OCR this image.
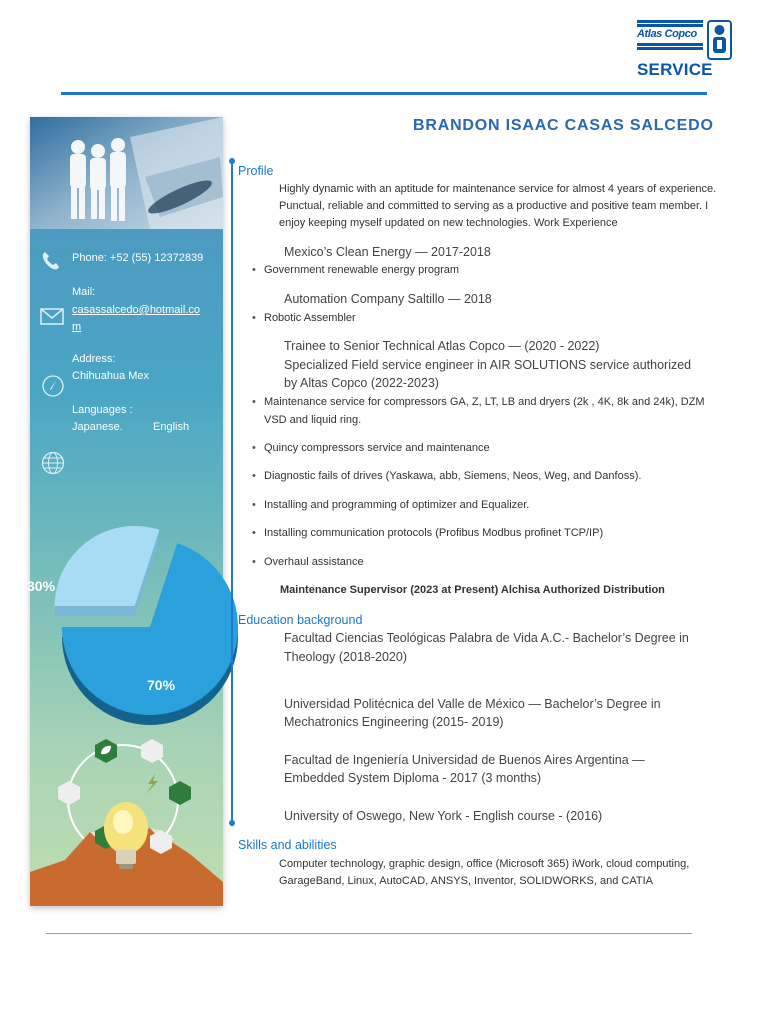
Atlas Copco
SERVICE
Phone: +52 (55) 12372839
Mail:
casassalcedo@hotmail.co
m
Address:
Chihuahua Mex
Languages :
Japanese.	English
30%
70%
BRANDON ISAAC CASAS SALCEDO
Profile
Highly dynamic with an aptitude for maintenance service for almost 4 years of experience.
Punctual, reliable and committed to serving as a productive and positive team member. I
enjoy keeping myself updated on new technologies. Work Experience
Mexico’s Clean Energy — 2017-2018
• Government renewable energy program
Automation Company Saltillo — 2018
• Robotic Assembler
Trainee to Senior Technical Atlas Copco — (2020 - 2022)
Specialized Field service engineer in AIR SOLUTIONS service authorized
by Altas Copco (2022-2023)
• Maintenance service for compressors GA, Z, LT, LB and dryers (2k , 4K, 8k and 24k), DZM VSD and liquid ring.
• Quincy compressors service and maintenance
• Diagnostic fails of drives (Yaskawa, abb, Siemens, Neos, Weg, and Danfoss).
• Installing and programming of optimizer and Equalizer.
• Installing communication protocols (Profibus Modbus profinet TCP/IP)
• Overhaul assistance
Maintenance Supervisor (2023 at Present) Alchisa Authorized Distribution
Education background
Facultad Ciencias Teológicas Palabra de Vida A.C.- Bachelor’s Degree in
Theology (2018-2020)
Universidad Politécnica del Valle de México — Bachelor’s Degree in
Mechatronics Engineering (2015- 2019)
Facultad de Ingeniería Universidad de Buenos Aires Argentina —
Embedded System Diploma - 2017 (3 months)
University of Oswego, New York - English course - (2016)
Skills and abilities
Computer technology, graphic design, office (Microsoft 365) iWork, cloud computing,
GarageBand, Linux, AutoCAD, ANSYS, Inventor, SOLIDWORKS, and CATIA
